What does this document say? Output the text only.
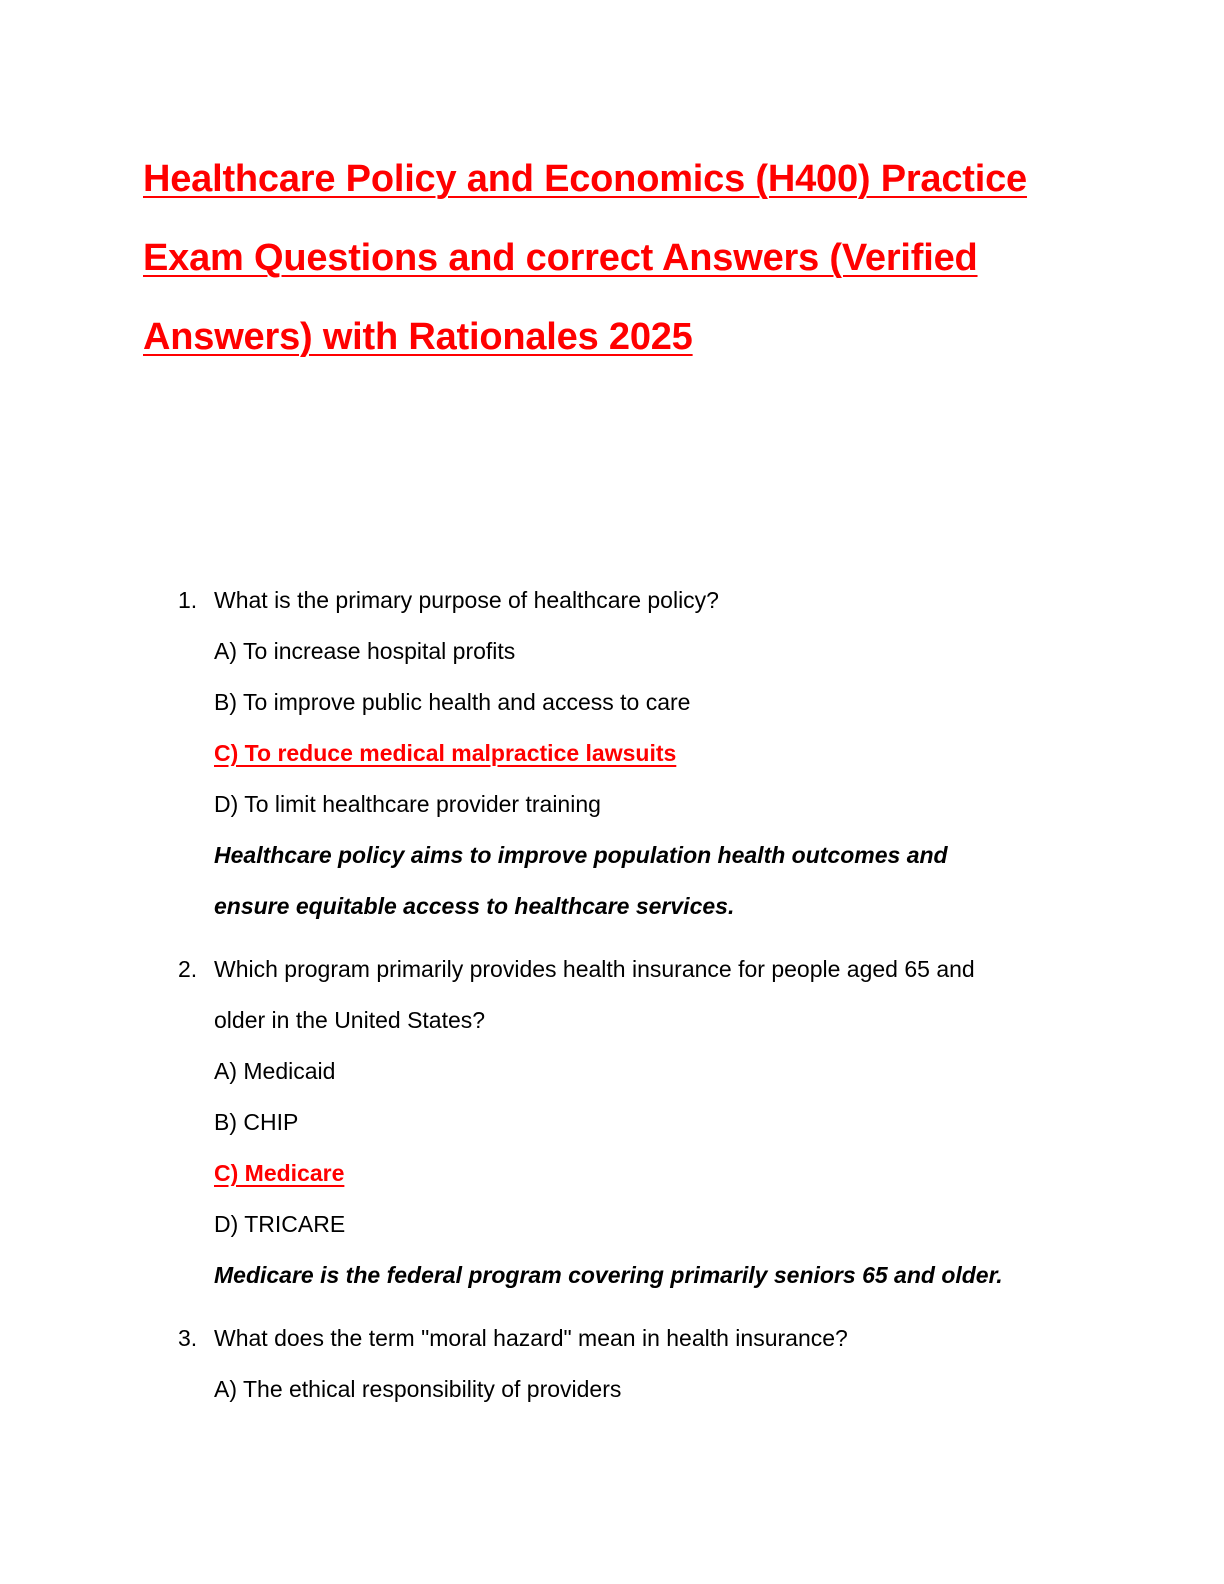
Healthcare Policy and Economics (H400) Practice
Exam Questions and correct Answers (Verified
Answers) with Rationales 2025
1. What is the primary purpose of healthcare policy?
A) To increase hospital profits
B) To improve public health and access to care
C) To reduce medical malpractice lawsuits
D) To limit healthcare provider training
Healthcare policy aims to improve population health outcomes and
ensure equitable access to healthcare services.
2. Which program primarily provides health insurance for people aged 65 and
older in the United States?
A) Medicaid
B) CHIP
C) Medicare
D) TRICARE
Medicare is the federal program covering primarily seniors 65 and older.
3. What does the term "moral hazard" mean in health insurance?
A) The ethical responsibility of providers
